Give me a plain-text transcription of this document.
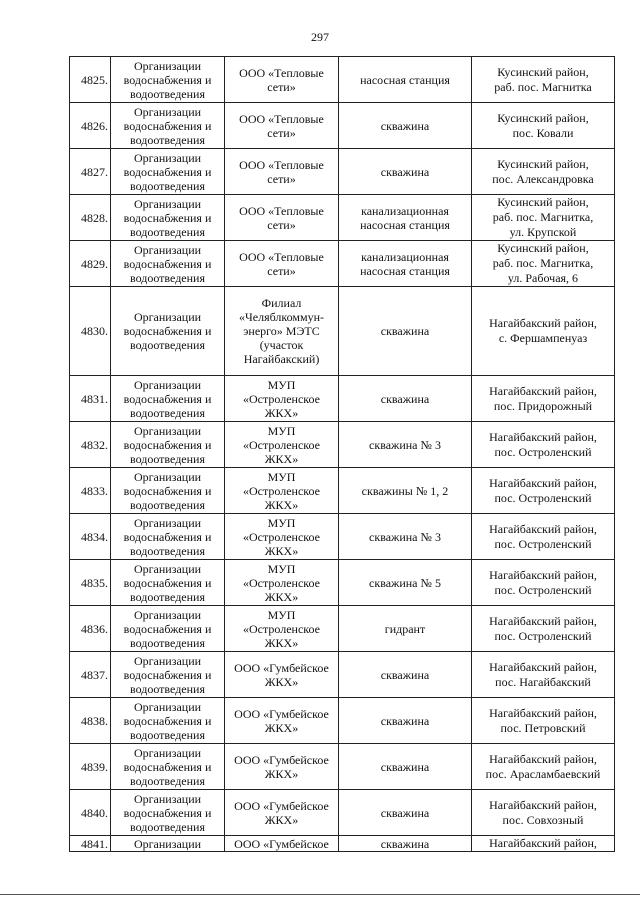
297
4825.	Организации
водоснабжения и
водоотведения	ООО «Тепловые
сети»	насосная станция	Кусинский район,
раб. пос. Магнитка

4826.	Организации
водоснабжения и
водоотведения	ООО «Тепловые
сети»	скважина	Кусинский район,
пос. Ковали

4827.	Организации
водоснабжения и
водоотведения	ООО «Тепловые
сети»	скважина	Кусинский район,
пос. Александровка

4828.	Организации
водоснабжения и
водоотведения	ООО «Тепловые
сети»	канализационная
насосная станция	Кусинский район,
раб. пос. Магнитка,
ул. Крупской

4829.	Организации
водоснабжения и
водоотведения	ООО «Тепловые
сети»	канализационная
насосная станция	Кусинский район,
раб. пос. Магнитка,
ул. Рабочая, 6

4830.	Организации
водоснабжения и
водоотведения	Филиал
«Челяблкоммун-
энерго» МЭТС
(участок
Нагайбакский)	скважина	Нагайбакский район,
с. Фершампенуаз

4831.	Организации
водоснабжения и
водоотведения	МУП
«Остроленское
ЖКХ»	скважина	Нагайбакский район,
пос. Придорожный

4832.	Организации
водоснабжения и
водоотведения	МУП
«Остроленское
ЖКХ»	скважина № 3	Нагайбакский район,
пос. Остроленский

4833.	Организации
водоснабжения и
водоотведения	МУП
«Остроленское
ЖКХ»	скважины № 1, 2	Нагайбакский район,
пос. Остроленский

4834.	Организации
водоснабжения и
водоотведения	МУП
«Остроленское
ЖКХ»	скважина № 3	Нагайбакский район,
пос. Остроленский

4835.	Организации
водоснабжения и
водоотведения	МУП
«Остроленское
ЖКХ»	скважина № 5	Нагайбакский район,
пос. Остроленский

4836.	Организации
водоснабжения и
водоотведения	МУП
«Остроленское
ЖКХ»	гидрант	Нагайбакский район,
пос. Остроленский

4837.	Организации
водоснабжения и
водоотведения	ООО «Гумбейское
ЖКХ»	скважина	Нагайбакский район,
пос. Нагайбакский

4838.	Организации
водоснабжения и
водоотведения	ООО «Гумбейское
ЖКХ»	скважина	Нагайбакский район,
пос. Петровский

4839.	Организации
водоснабжения и
водоотведения	ООО «Гумбейское
ЖКХ»	скважина	Нагайбакский район,
пос. Арасламбаевский

4840.	Организации
водоснабжения и
водоотведения	ООО «Гумбейское
ЖКХ»	скважина	Нагайбакский район,
пос. Совхозный

4841.	Организации	ООО «Гумбейское	скважина	Нагайбакский район,
